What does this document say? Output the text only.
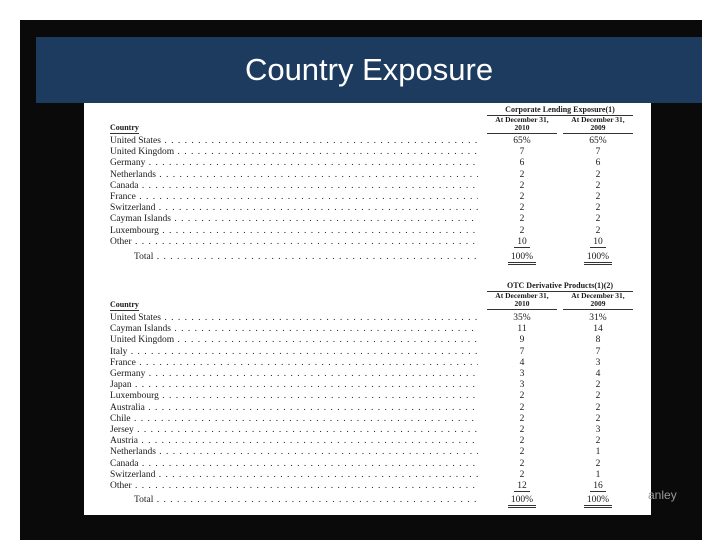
Corporate Lending Exposure(1)
At December 31, 2010
At December 31, 2009
Country
United States . . .	65%	65%
United Kingdom . . .	7	7
Germany . . .	6	6
Netherlands . . .	2	2
Canada . . .	2	2
France . . .	2	2
Switzerland . . .	2	2
Cayman Islands . . .	2	2
Luxembourg . . .	2	2
Other . . .	10	10
Total . . .	100%	100%
OTC Derivative Products(1)(2)
At December 31, 2010
At December 31, 2009
Country
United States . . .	35%	31%
Cayman Islands . . .	11	14
United Kingdom . . .	9	8
Italy . . .	7	7
France . . .	4	3
Germany . . .	3	4
Japan . . .	3	2
Luxembourg . . .	2	2
Australia . . .	2	2
Chile . . .	2	2
Jersey . . .	2	3
Austria . . .	2	2
Netherlands . . .	2	1
Canada . . .	2	2
Switzerland . . .	2	1
Other . . .	12	16
Total . . .	100%	100%
Country Exposure
anley
